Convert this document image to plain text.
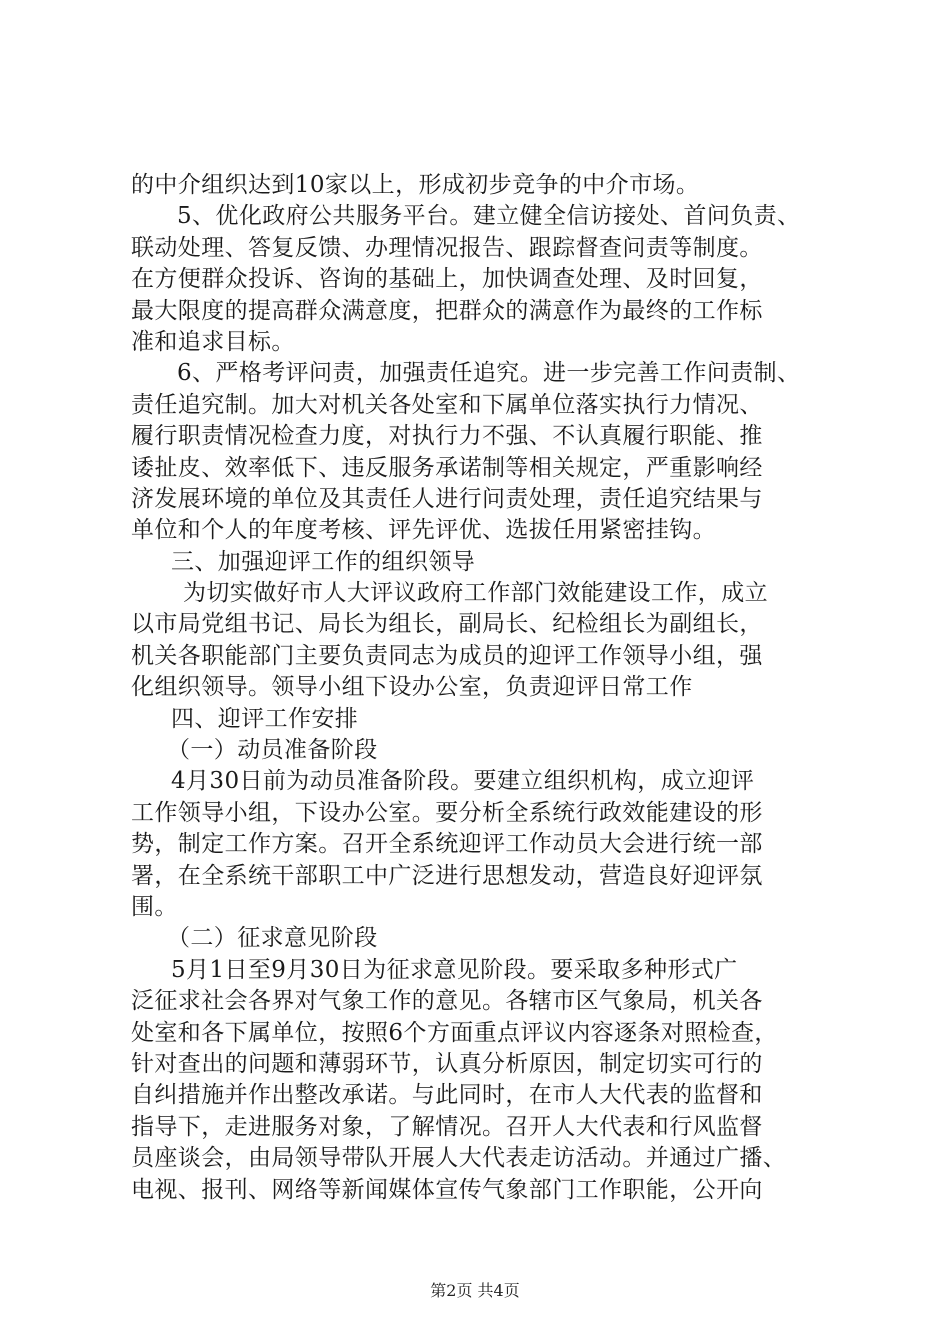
的中介组织达到10家以上，形成初步竞争的中介市场。
5、优化政府公共服务平台。建立健全信访接处、首问负责、
联动处理、答复反馈、办理情况报告、跟踪督查问责等制度。
在方便群众投诉、咨询的基础上，加快调查处理、及时回复，
最大限度的提高群众满意度，把群众的满意作为最终的工作标
准和追求目标。
6、严格考评问责，加强责任追究。进一步完善工作问责制、
责任追究制。加大对机关各处室和下属单位落实执行力情况、
履行职责情况检查力度，对执行力不强、不认真履行职能、推
诿扯皮、效率低下、违反服务承诺制等相关规定，严重影响经
济发展环境的单位及其责任人进行问责处理，责任追究结果与
单位和个人的年度考核、评先评优、选拔任用紧密挂钩。
三、加强迎评工作的组织领导
为切实做好市人大评议政府工作部门效能建设工作，成立
以市局党组书记、局长为组长，副局长、纪检组长为副组长，
机关各职能部门主要负责同志为成员的迎评工作领导小组，强
化组织领导。领导小组下设办公室，负责迎评日常工作
四、迎评工作安排
（一）动员准备阶段
4月30日前为动员准备阶段。要建立组织机构，成立迎评
工作领导小组，下设办公室。要分析全系统行政效能建设的形
势，制定工作方案。召开全系统迎评工作动员大会进行统一部
署，在全系统干部职工中广泛进行思想发动，营造良好迎评氛
围。
（二）征求意见阶段
5月1日至9月30日为征求意见阶段。要采取多种形式广
泛征求社会各界对气象工作的意见。各辖市区气象局，机关各
处室和各下属单位，按照6个方面重点评议内容逐条对照检查，
针对查出的问题和薄弱环节，认真分析原因，制定切实可行的
自纠措施并作出整改承诺。与此同时，在市人大代表的监督和
指导下，走进服务对象，了解情况。召开人大代表和行风监督
员座谈会，由局领导带队开展人大代表走访活动。并通过广播、
电视、报刊、网络等新闻媒体宣传气象部门工作职能，公开向
第2页 共4页
